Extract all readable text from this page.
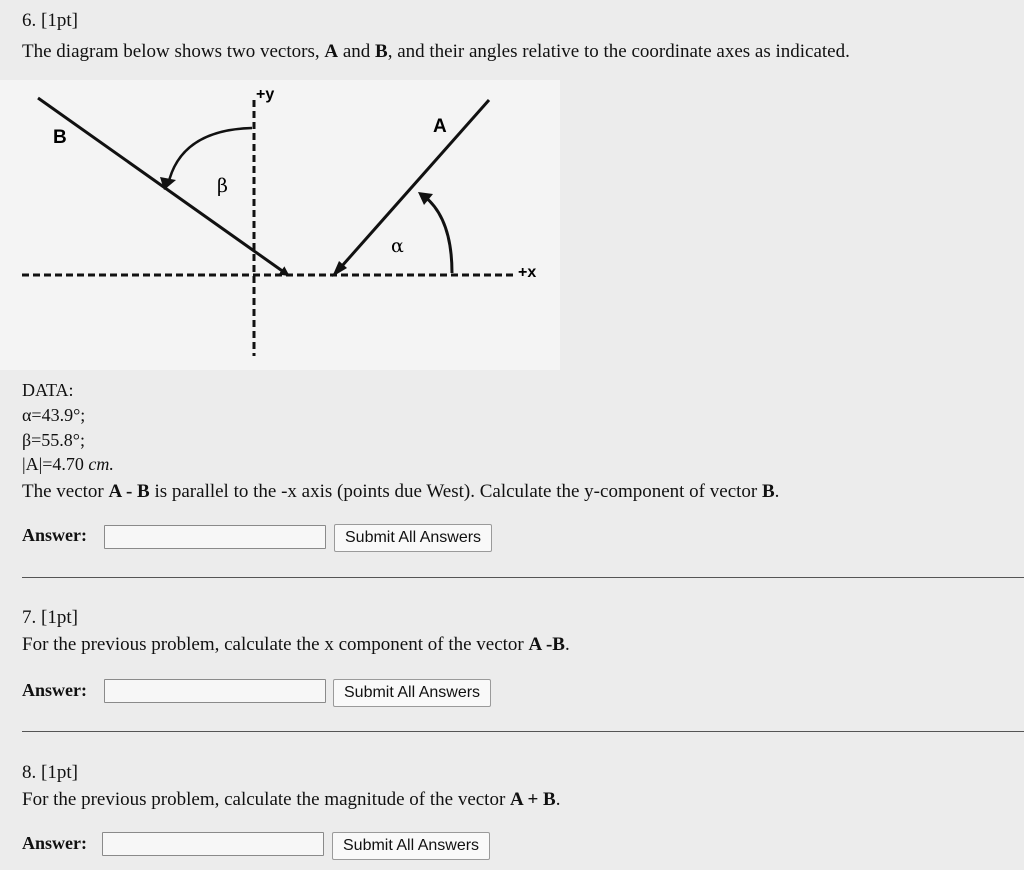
6. [1pt]
The diagram below shows two vectors, A and B, and their angles relative to the coordinate axes as indicated.
+y
+x
A
B
α
β
DATA:
α=43.9°;
β=55.8°;
|A|=4.70 cm.
The vector A - B is parallel to the -x axis (points due West). Calculate the y-component of vector B.
Answer:	Submit All Answers
7. [1pt]
For the previous problem, calculate the x component of the vector A -B.
Answer:	Submit All Answers
8. [1pt]
For the previous problem, calculate the magnitude of the vector A + B.
Answer:	Submit All Answers
